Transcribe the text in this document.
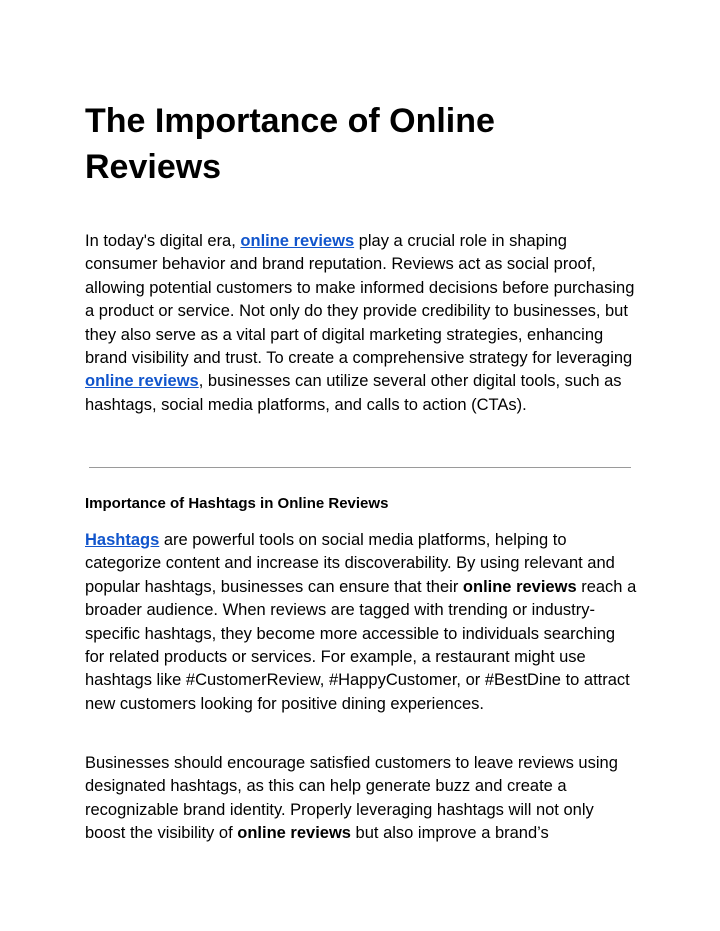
The Importance of Online Reviews

In today's digital era, online reviews play a crucial role in shaping consumer behavior and brand reputation. Reviews act as social proof, allowing potential customers to make informed decisions before purchasing a product or service. Not only do they provide credibility to businesses, but they also serve as a vital part of digital marketing strategies, enhancing brand visibility and trust. To create a comprehensive strategy for leveraging online reviews, businesses can utilize several other digital tools, such as hashtags, social media platforms, and calls to action (CTAs).

Importance of Hashtags in Online Reviews

Hashtags are powerful tools on social media platforms, helping to categorize content and increase its discoverability. By using relevant and popular hashtags, businesses can ensure that their online reviews reach a broader audience. When reviews are tagged with trending or industry-specific hashtags, they become more accessible to individuals searching for related products or services. For example, a restaurant might use hashtags like #CustomerReview, #HappyCustomer, or #BestDine to attract new customers looking for positive dining experiences.

Businesses should encourage satisfied customers to leave reviews using designated hashtags, as this can help generate buzz and create a recognizable brand identity. Properly leveraging hashtags will not only boost the visibility of online reviews but also improve a brand’s
